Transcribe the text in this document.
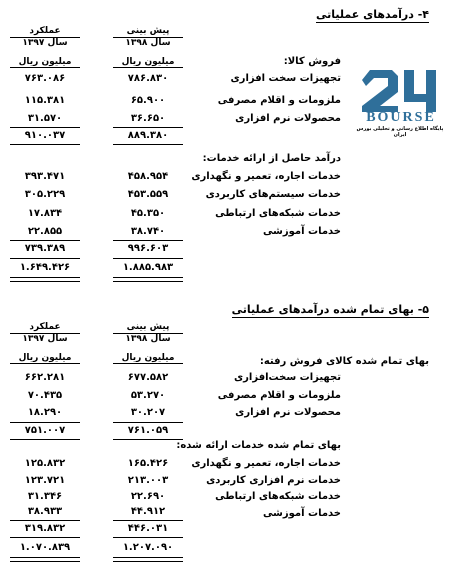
۴- درآمدهای عملیاتی
پیش بینی
سال ۱۳۹۸
عملکرد
سال ۱۳۹۷
میلیون ریال
میلیون ریال	فروش کالا:
تجهیزات سخت افزاری
۷۸۶.۸۳۰
۷۶۳.۰۸۶
ملزومات و اقلام مصرفی
۶۵.۹۰۰
۱۱۵.۳۸۱
محصولات نرم افزاری
۳۶.۶۵۰
۳۱.۵۷۰
۸۸۹.۳۸۰
۹۱۰.۰۳۷
درآمد حاصل از ارائه خدمات:
خدمات اجاره، تعمیر و نگهداری
۴۵۸.۹۵۴
۳۹۳.۴۷۱
خدمات سیستم‌های کاربردی
۴۵۳.۵۵۹
۳۰۵.۲۲۹
خدمات شبکه‌های ارتباطی
۴۵.۳۵۰
۱۷.۸۳۴
خدمات آموزشی
۳۸.۷۴۰
۲۲.۸۵۵
۹۹۶.۶۰۳
۷۳۹.۳۸۹
۱.۸۸۵.۹۸۳
۱.۶۴۹.۴۲۶
BOURSE
پایگاه اطلاع رسانی و تحلیلی بورس ایران
۵- بهای تمام شده درآمدهای عملیاتی
پیش بینی
سال ۱۳۹۸
عملکرد
سال ۱۳۹۷
میلیون ریال
میلیون ریال	بهای تمام شده کالای فروش رفته:
تجهیزات سخت‌افزاری
۶۷۷.۵۸۲
۶۶۲.۲۸۱
ملزومات و اقلام مصرفی
۵۳.۲۷۰
۷۰.۴۳۵
محصولات نرم افزاری
۳۰.۲۰۷
۱۸.۲۹۰
۷۶۱.۰۵۹
۷۵۱.۰۰۷
بهای تمام شده خدمات ارائه شده:
خدمات اجاره، تعمیر و نگهداری
۱۶۵.۴۲۶
۱۲۵.۸۳۲
خدمات نرم افزاری کاربردی
۲۱۳.۰۰۳
۱۲۳.۷۲۱
خدمات شبکه‌های ارتباطی
۲۲.۶۹۰
۳۱.۳۴۶
خدمات آموزشی
۴۴.۹۱۲
۳۸.۹۳۳
۴۴۶.۰۳۱
۳۱۹.۸۳۲
۱.۲۰۷.۰۹۰
۱.۰۷۰.۸۳۹
